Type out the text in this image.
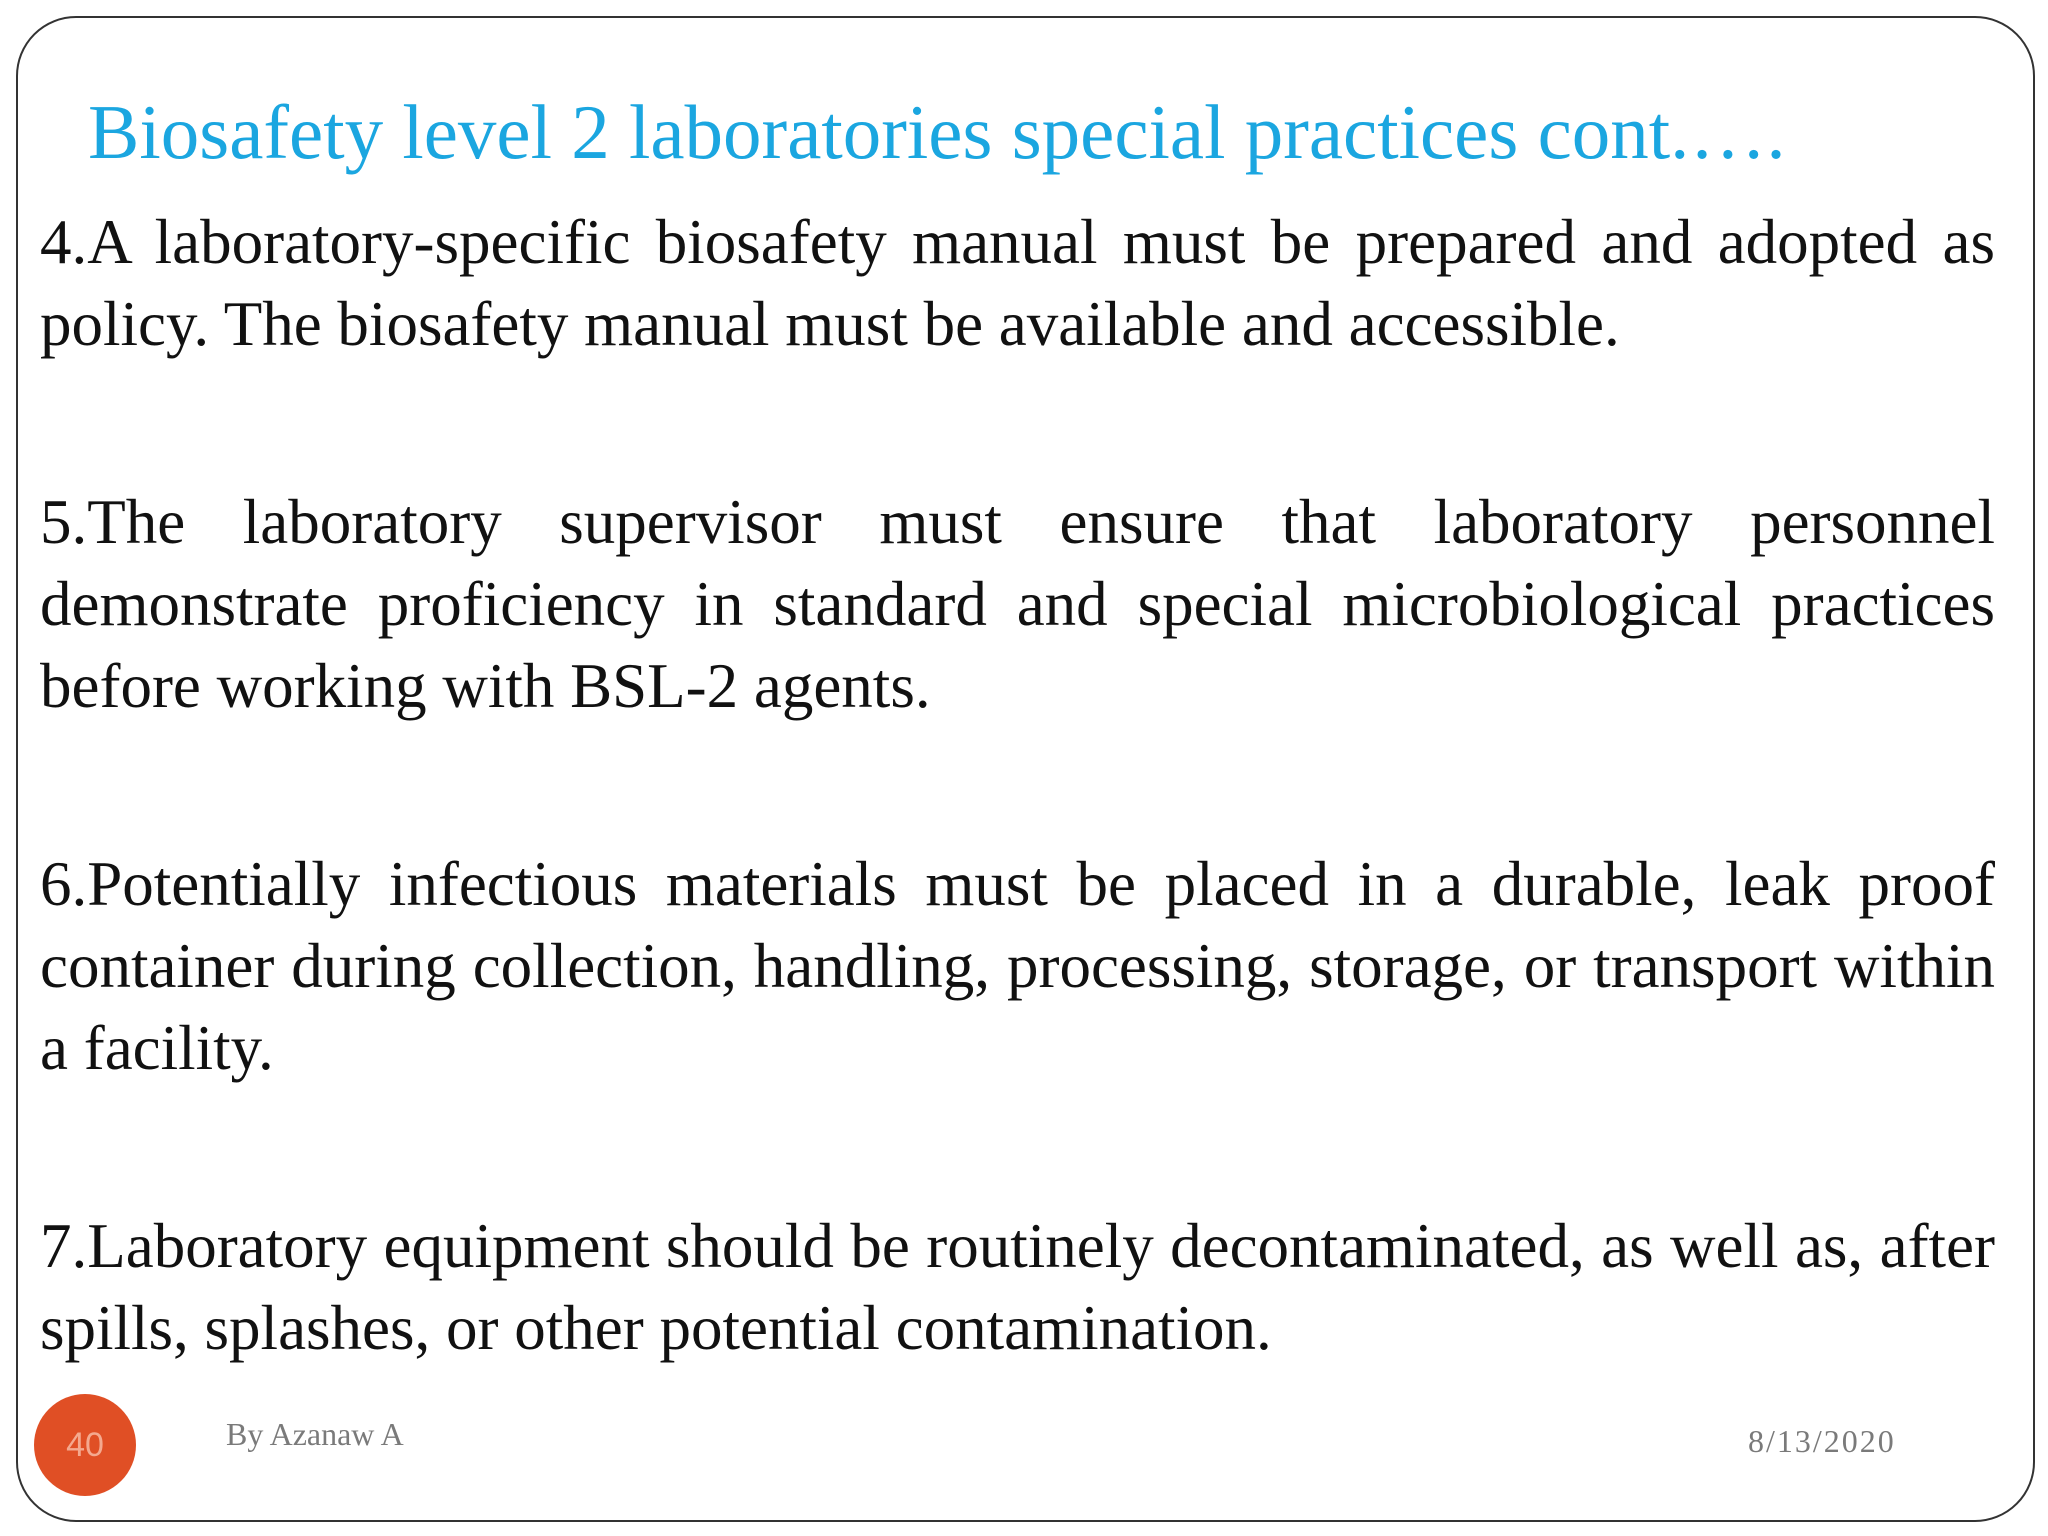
Biosafety level 2 laboratories special practices cont.….

4.A laboratory-specific biosafety manual must be prepared and adopted as policy. The biosafety manual must be available and accessible.

5.The laboratory supervisor must ensure that laboratory personnel demonstrate proficiency in standard and special microbiological practices before working with BSL-2 agents.

6.Potentially infectious materials must be placed in a durable, leak proof container during collection, handling, processing, storage, or transport within a facility.

7.Laboratory equipment should be routinely decontaminated, as well as, after spills, splashes, or other potential contamination.

40	By Azanaw A	8/13/2020
